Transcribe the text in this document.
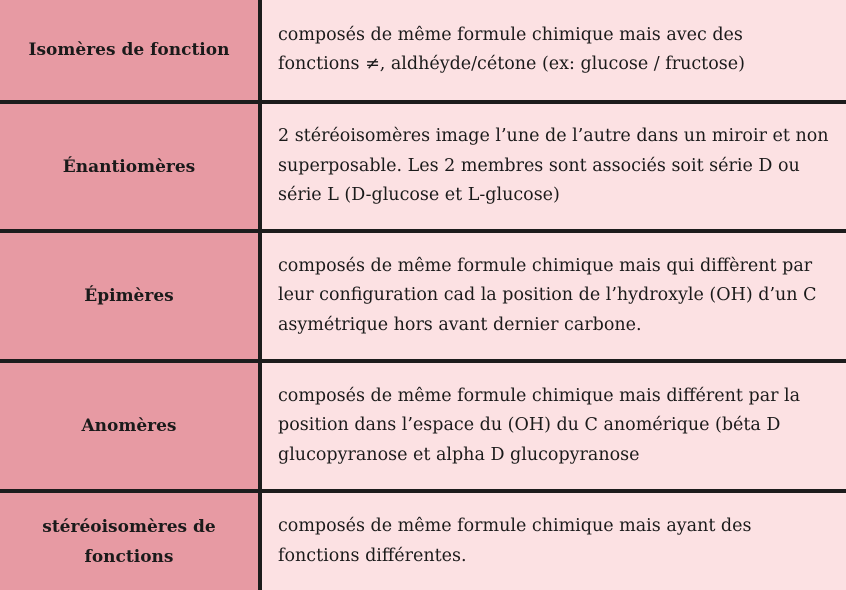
Isomères de fonction
composés de même formule chimique mais avec des fonctions ≠, aldhéyde/cétone (ex: glucose / fructose)
Énantiomères
2 stéréoisomères image l’une de l’autre dans un miroir et non superposable. Les 2 membres sont associés soit série D ou série L (D-glucose et L-glucose)
Épimères
composés de même formule chimique mais qui diffèrent par leur configuration cad la position de l’hydroxyle (OH) d’un C asymétrique hors avant dernier carbone.
Anomères
composés de même formule chimique mais différent par la position dans l’espace du (OH) du C anomérique (béta D glucopyranose et alpha D glucopyranose
stéréoisomères de fonctions
composés de même formule chimique mais ayant des fonctions différentes.
